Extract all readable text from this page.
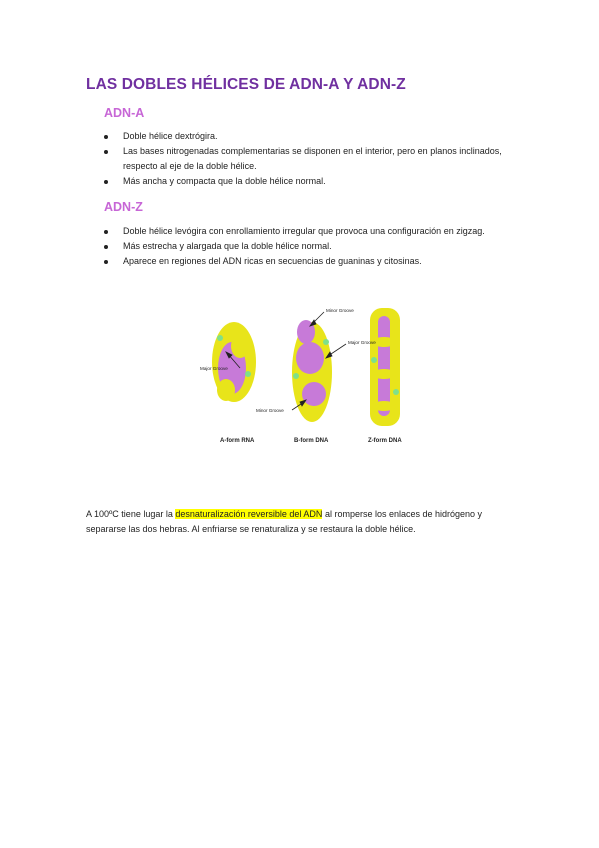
LAS DOBLES HÉLICES DE ADN-A Y ADN-Z
ADN-A
Doble hélice dextrógira.
Las bases nitrogenadas complementarias se disponen en el interior, pero en planos inclinados, respecto al eje de la doble hélice.
Más ancha y compacta que la doble hélice normal.
ADN-Z
Doble hélice levógira con enrollamiento irregular que provoca una configuración en zigzag.
Más estrecha y alargada que la doble hélice normal.
Aparece en regiones del ADN ricas en secuencias de guaninas y citosinas.
Minor Groove
Major Groove
Major Groove
Minor Groove
A-form RNA	B-form DNA	Z-form DNA

A 100ºC tiene lugar la desnaturalización reversible del ADN al romperse los enlaces de hidrógeno y separarse las dos hebras. Al enfriarse se renaturaliza y se restaura la doble hélice.
